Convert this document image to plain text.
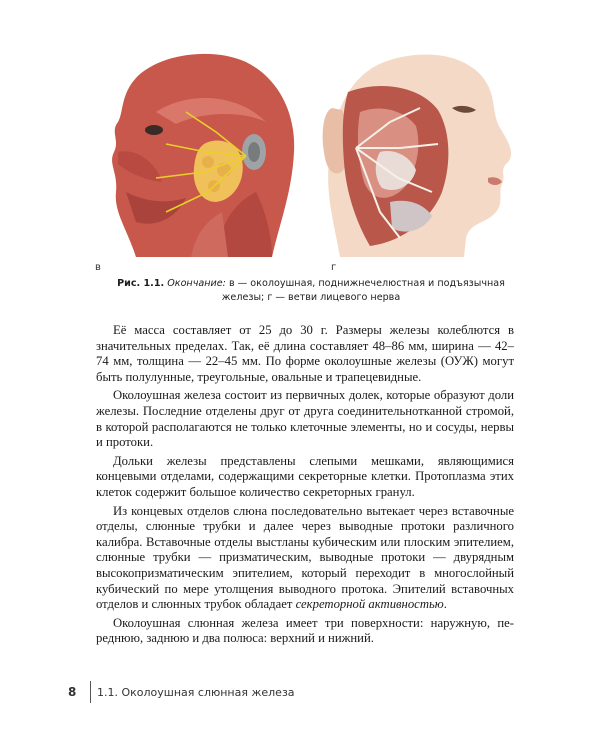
в	г
Рис. 1.1. Окончание: в — околоушная, поднижнечелюстная и подъязычная железы; г — ветви лицевого нерва

Её масса составляет от 25 до 30 г. Размеры железы колеблются в значительных пределах. Так, её длина составляет 48–86 мм, ширина — 42–74 мм, толщина — 22–45 мм. По форме околоушные железы (ОУЖ) могут быть полулунные, треугольные, овальные и трапецевидные.

Околоушная железа состоит из первичных долек, которые образуют доли железы. Последние отделены друг от друга соединительнотканной стромой, в которой располагаются не только клеточные элементы, но и сосуды, нервы и протоки.

Дольки железы представлены слепыми мешками, являющимися концевыми отделами, содержащими секреторные клетки. Протоплазма этих клеток содержит большое количество секреторных гранул.

Из концевых отделов слюна последовательно вытекает через вставочные отделы, слюнные трубки и далее через выводные протоки различного калибра. Вставочные отделы выстланы кубическим или плоским эпителием, слюнные трубки — призматическим, выводные протоки — двурядным высокопризматическим эпителием, который переходит в многослойный кубический по мере утолщения выводного протока. Эпителий вставочных отделов и слюнных трубок обладает секреторной активностью.

Околоушная слюнная железа имеет три поверхности: наружную, переднюю, заднюю и два полюса: верхний и нижний.

8	1.1. Околоушная слюнная железа
